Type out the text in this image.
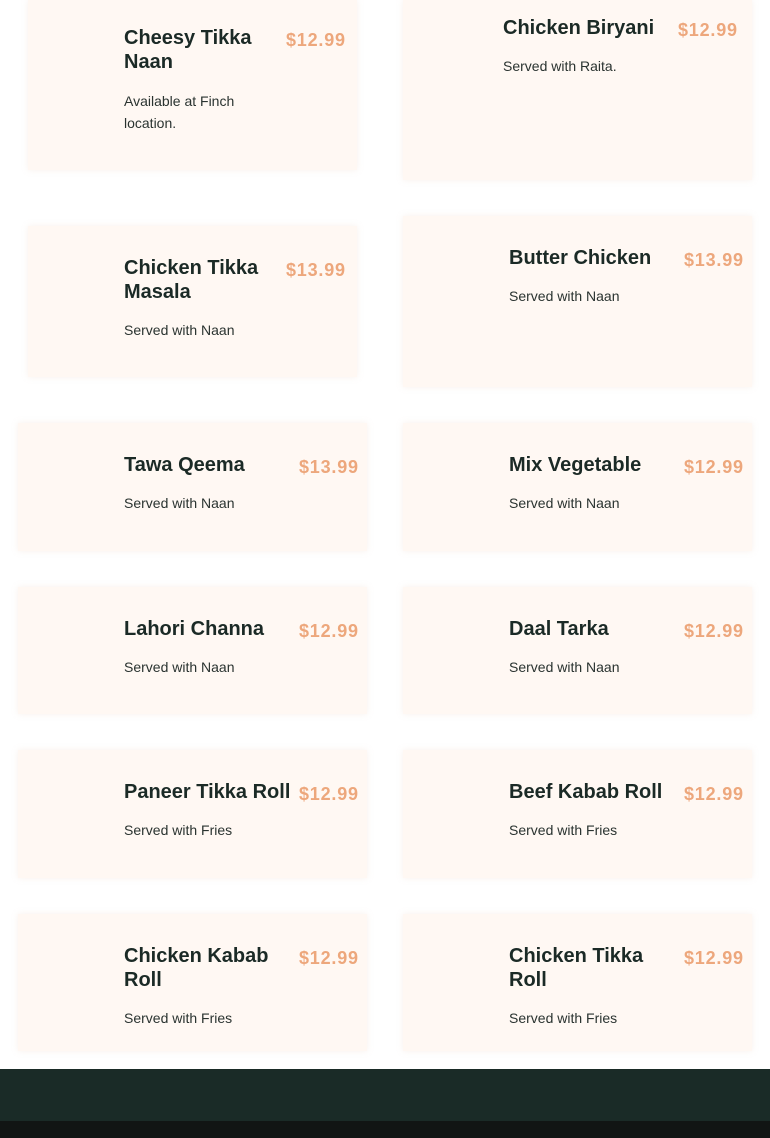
Cheesy Tikka Naan
$12.99
Available at Finch location.
Chicken Biryani	$12.99
Served with Raita.
Chicken Tikka Masala
$13.99
Served with Naan
Butter Chicken	$13.99
Served with Naan
Tawa Qeema	$13.99
Served with Naan
Mix Vegetable	$12.99
Served with Naan
Lahori Channa	$12.99
Served with Naan
Daal Tarka	$12.99
Served with Naan
Paneer Tikka Roll $12.99
Served with Fries
Beef Kabab Roll	$12.99
Served with Fries
Chicken Kabab Roll
$12.99
Served with Fries
Chicken Tikka Roll
$12.99
Served with Fries
